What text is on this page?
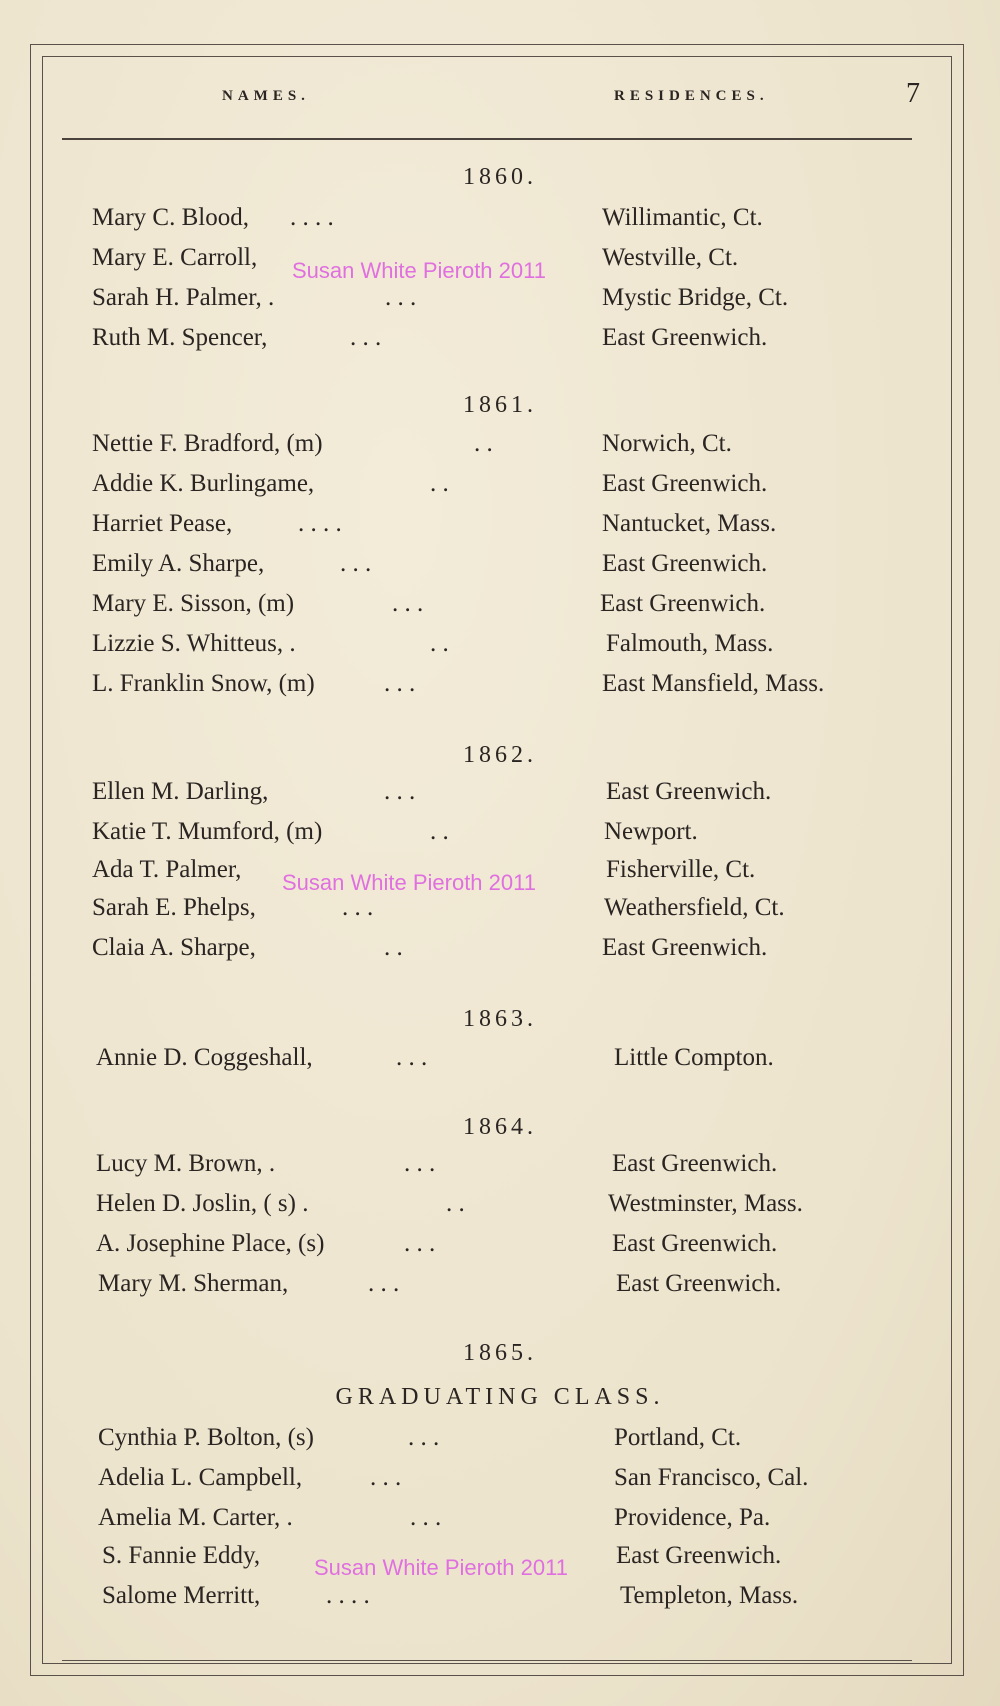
NAMES.	RESIDENCES.	7
1860.
Mary C. Blood, . . . .	Willimantic, Ct.
Mary E. Carroll,	Westville, Ct.
Sarah H. Palmer, .	. . .	Mystic Bridge, Ct.
Ruth M. Spencer,	. . .	East Greenwich.
1861.
Nettie F. Bradford, (m)	. .	Norwich, Ct.
Addie K. Burlingame,	. .	East Greenwich.
Harriet Pease,	. . . .	Nantucket, Mass.
Emily A. Sharpe,	. . .	East Greenwich.
Mary E. Sisson, (m)	. . .	East Greenwich.
Lizzie S. Whitteus, .	. .	Falmouth, Mass.
L. Franklin Snow, (m)	. . .	East Mansfield, Mass.
1862.
Ellen M. Darling,	. . .	East Greenwich.
Katie T. Mumford, (m)	. .	Newport.
Ada T. Palmer,	Fisherville, Ct.
Sarah E. Phelps,	. . .	Weathersfield, Ct.
Claia A. Sharpe,	. .	East Greenwich.
1863.
Annie D. Coggeshall,	. . .	Little Compton.
1864.
Lucy M. Brown, .	. . .	East Greenwich.
Helen D. Joslin, ( s) .	. .	Westminster, Mass.
A. Josephine Place, (s)	. . .	East Greenwich.
Mary M. Sherman,	. . .	East Greenwich.
1865.
GRADUATING CLASS.
Cynthia P. Bolton, (s)	. . .	Portland, Ct.
Adelia L. Campbell,	. . .	San Francisco, Cal.
Amelia M. Carter, .	. . .	Providence, Pa.
S. Fannie Eddy,	East Greenwich.
Salome Merritt,	. . . .	Templeton, Mass.
Susan White Pieroth 2011
Susan White Pieroth 2011
Susan White Pieroth 2011
